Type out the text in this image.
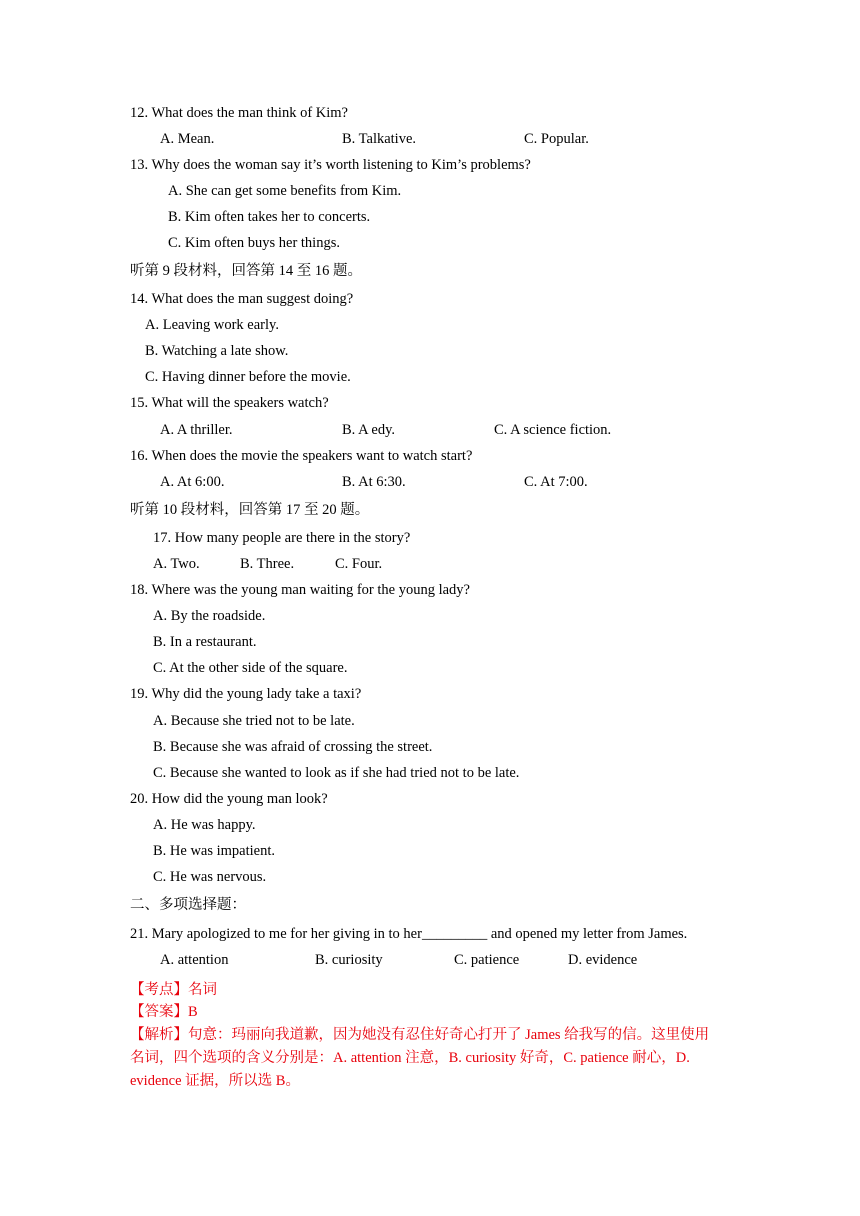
12. What does the man think of Kim?
A. Mean.	B. Talkative.	C. Popular.
13. Why does the woman say it’s worth listening to Kim’s problems?
A. She can get some benefits from Kim.
B. Kim often takes her to concerts.
C. Kim often buys her things.
听第 9 段材料，回答第 14 至 16 题。
14. What does the man suggest doing?
A. Leaving work early.
B. Watching a late show.
C. Having dinner before the movie.
15. What will the speakers watch?
A. A thriller.	B. A edy.	C. A science fiction.
16. When does the movie the speakers want to watch start?
A. At 6:00.	B. At 6:30.	C. At 7:00.
听第 10 段材料，回答第 17 至 20 题。
17. How many people are there in the story?
A. Two.	B. Three.	C. Four.
18. Where was the young man waiting for the young lady?
A. By the roadside.
B. In a restaurant.
C. At the other side of the square.
19. Why did the young lady take a taxi?
A. Because she tried not to be late.
B. Because she was afraid of crossing the street.
C. Because she wanted to look as if she had tried not to be late.
20. How did the young man look?
A. He was happy.
B. He was impatient.
C. He was nervous.
二、多项选择题：
21. Mary apologized to me for her giving in to her_________ and opened my letter from James.
A. attention	B. curiosity	C. patience	D. evidence
【考点】名词
【答案】B
【解析】句意：玛丽向我道歉，因为她没有忍住好奇心打开了 James 给我写的信。这里使用
名词，四个选项的含义分别是：A. attention 注意，B. curiosity 好奇，C. patience 耐心，D.
evidence 证据，所以选 B。
